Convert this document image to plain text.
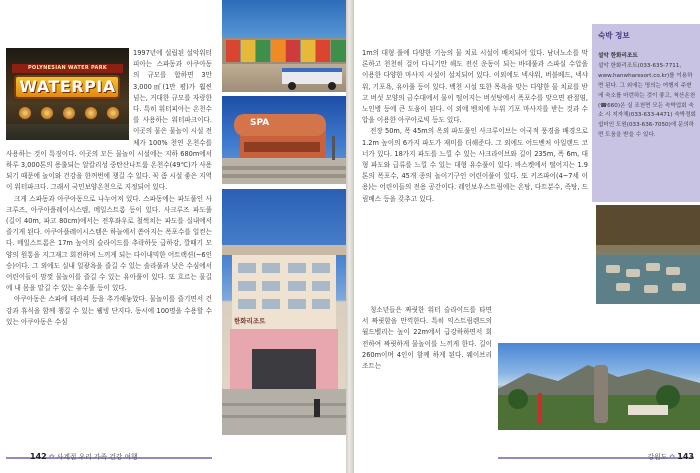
POLYNESIAN WATER PARK
WATERPIA

1997년에 설립된 설악워터피아는 스파동과 아쿠아동의 규모를 합하면 3만 3,000㎡(1만 평)가 훨씬 넘는, 거대한 규모를 자랑한다. 특히 워터피아는 온천수를 사용하는 워터파크이다. 이곳의 물은 물놀이 시설 전체가 100% 천연 온천수를 사용하는 것이 특징이다. 이곳의 모든 물놀이 시설에는 지하 680m에서 하루 3,000톤의 용출되는 알칼리성 중탄산나트륨 온천수(49℃)가 사용되기 때문에 놀이와 건강을 한꺼번에 챙길 수 있다. 꼭 좀 시설 좋은 지역이 워터파크다. 그래서 국민보양온천으로 지정되어 있다.

크게 스파동과 아쿠아동으로 나누어져 있다. 스파동에는 파도풀인 사크루즈, 아쿠아플레이시스템, 메일스트롬 등이 있다. 사크루즈 파도풀(길이 40m, 파고 80cm)에서는 전후좌우로 철썩치는 파도를 실내에서 즐기게 된다. 아쿠아플레이시스템은 하늘에서 쏟아지는 폭포수를 일컫는다. 메일스트롬은 17m 높이의 슬라이드를 추락하듯 급하강, 깔때기 모양의 원통을 지그재그 회전하며 느끼게 되는 다이내믹한 어트랙션(~6인승)이다. 그 외에도 실내 일광욕을 즐길 수 있는 솔라풀과 낮은 수심에서 어린이들이 맘껏 물놀이를 즐길 수 있는 유아풀이 있다. 또 흐르는 물길에 내 몸을 맡길 수 있는 유수풀 등이 있다.

아쿠아동은 스파에 테라피 등을 추가해놓았다. 물놀이를 즐기면서 건강과 휴식을 함께 챙길 수 있는 웰빙 단지다. 동시에 100명을 수용할 수 있는 아쿠아동은 수심

SPA
한화리조트
142 ✿ 사계절 우리 가족 건강 여행

1m의 대형 풀에 다양한 기능의 물 치료 시설이 배치되어 있다. 남녀노소를 막론하고 천천히 걸어 다니기만 해도 전신 운동이 되는 바데풀과 스파실 수압을 이용한 다양한 마사지 시설이 설치되어 있다. 이외에도 넥샤워, 버블베드, 넥샤워, 기포욕, 유아풀 등이 있다. 백천 시설 또한 목욕을 맞는 다양한 물 치료를 받고 버섯 모양의 금수대에서 물이 떨어지는 버섯탕에서 폭포수를 맞으면 관절염, 노인병 등에 큰 도움이 된다. 이 외에 벤치에 누워 기포 마사지를 받는 것과 수압을 이용한 아쿠아로빅 등도 있다.

전장 50m, 폭 45m의 옥외 파도풀인 사크루이브는 이국적 풍경을 배경으로 1.2m 높이의 6가지 파도가 재미를 더해준다. 그 외에도 어드벤처 아일랜드 코너가 있다. 18가지 파도를 느낄 수 있는 사크라이브와 길이 235m, 폭 6m, 대형 파도와 급류를 느낄 수 있는 대형 유수풀이 있다. 바스켓에서 떨어지는 1.9톤의 폭포수, 45개 종의 놀이기구인 어린이풀이 있다. 또 키즈파어(4~7세 이용)는 어린이들의 전용 공간이다. 레인보우스트림에는 온탕, 다트분수, 족탕, 드림베스 등을 갖추고 있다.

청소년들은 짜릿한 워터 슬라이드를 타면서 짜릿함을 만끽한다. 특히 익스트림렌드의 월드벨리는 높이 22m에서 급강하하면서 회전하여 짜릿하게 물놀이를 느끼게 한다. 길이 260m이며 4인이 함께 하게 된다. 웨이브리조트는

숙박 정보
설악 한화리조트
설악 한화리조트(033-635-7711, www.hanwharesort.co.kr)를 이용하면 된다. 그 외에는 명의는 여행지 주변에 숙소를 마련하는 것이 좋고, 척산온천(☎660)은 실 조천면 모든 숙박업회 숙소 시 지자체(033-633-4471) 숙박정회 쉼터인 도원(033-636-7050)에 문의하면 도움을 받을 수 있다.
강원도 ✿ 143
